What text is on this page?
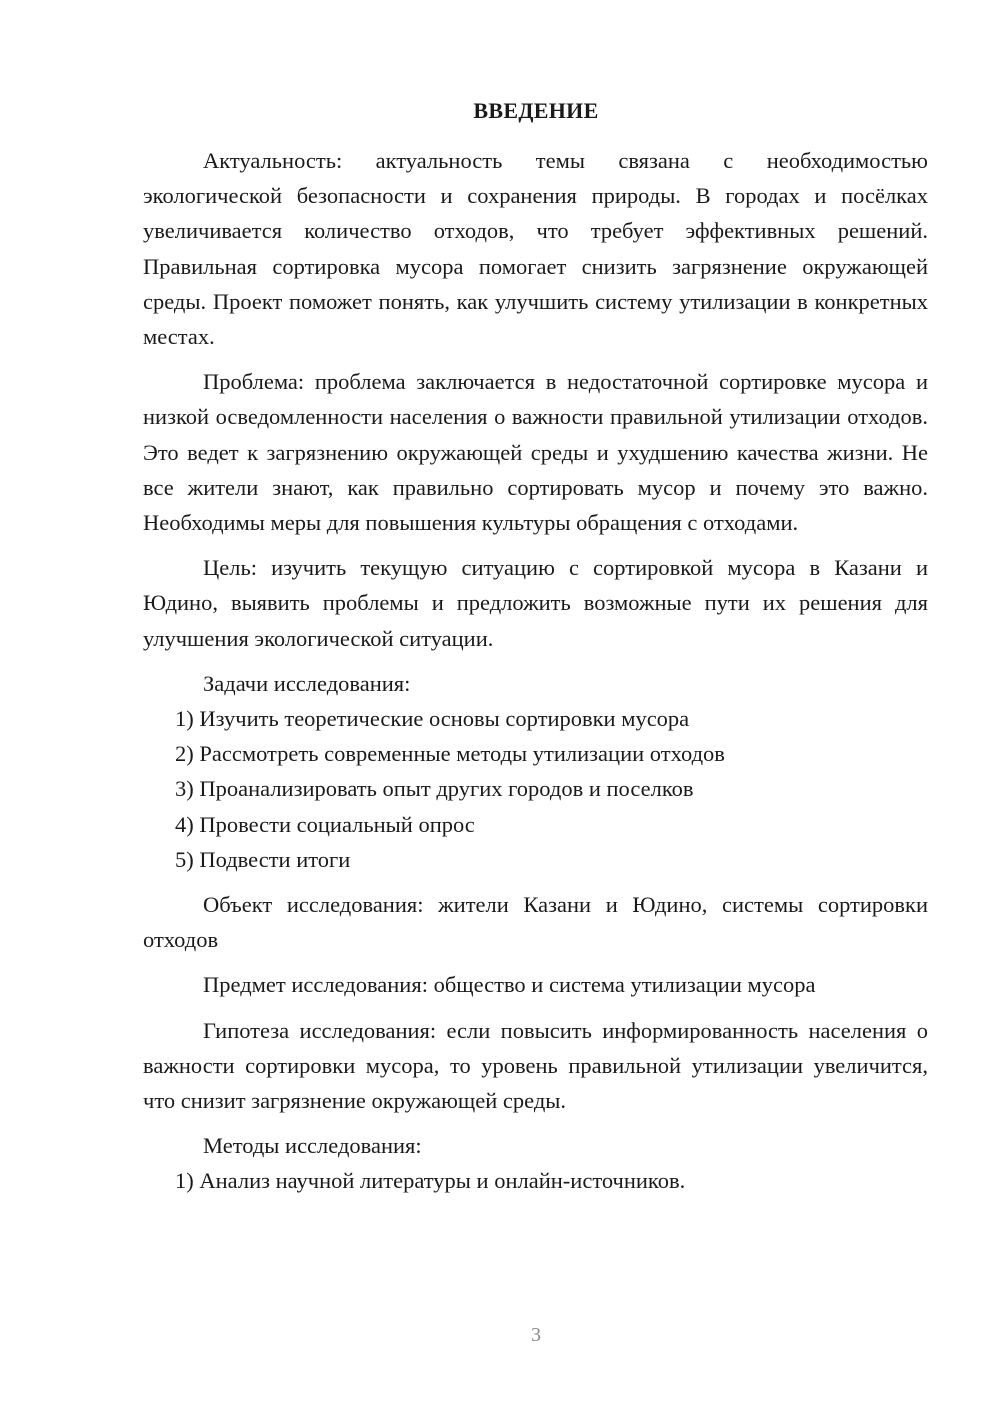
ВВЕДЕНИЕ

Актуальность: актуальность темы связана с необходимостью экологической безопасности и сохранения природы. В городах и посёлках увеличивается количество отходов, что требует эффективных решений. Правильная сортировка мусора помогает снизить загрязнение окружающей среды. Проект поможет понять, как улучшить систему утилизации в конкретных местах.

Проблема: проблема заключается в недостаточной сортировке мусора и низкой осведомленности населения о важности правильной утилизации отходов. Это ведет к загрязнению окружающей среды и ухудшению качества жизни. Не все жители знают, как правильно сортировать мусор и почему это важно. Необходимы меры для повышения культуры обращения с отходами.

Цель: изучить текущую ситуацию с сортировкой мусора в Казани и Юдино, выявить проблемы и предложить возможные пути их решения для улучшения экологической ситуации.

Задачи исследования:

1) Изучить теоретические основы сортировки мусора

2) Рассмотреть современные методы утилизации отходов

3) Проанализировать опыт других городов и поселков

4) Провести социальный опрос

5) Подвести итоги

Объект исследования: жители Казани и Юдино, системы сортировки отходов

Предмет исследования: общество и система утилизации мусора

Гипотеза исследования: если повысить информированность населения о важности сортировки мусора, то уровень правильной утилизации увеличится, что снизит загрязнение окружающей среды.

Методы исследования:

1) Анализ научной литературы и онлайн-источников.

3
